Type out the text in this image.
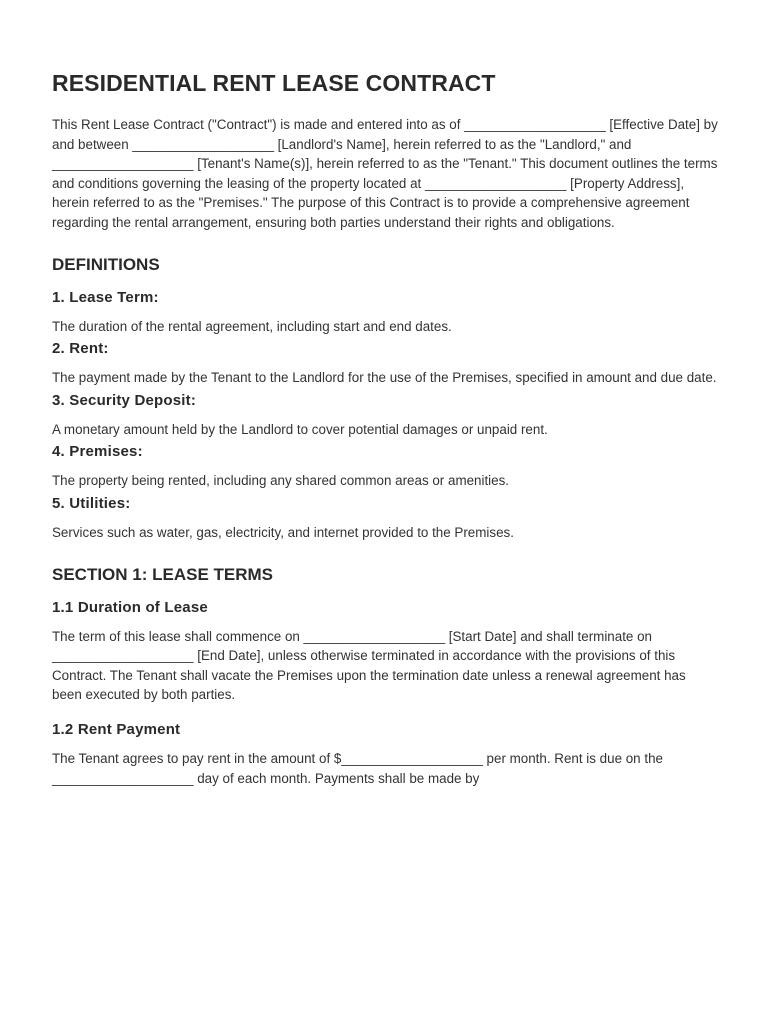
RESIDENTIAL RENT LEASE CONTRACT

This Rent Lease Contract ("Contract") is made and entered into as of ___________________ [Effective Date] by and between ___________________ [Landlord's Name], herein referred to as the "Landlord," and ___________________ [Tenant's Name(s)], herein referred to as the "Tenant." This document outlines the terms and conditions governing the leasing of the property located at ___________________ [Property Address], herein referred to as the "Premises." The purpose of this Contract is to provide a comprehensive agreement regarding the rental arrangement, ensuring both parties understand their rights and obligations.

DEFINITIONS
1. Lease Term:

The duration of the rental agreement, including start and end dates.

2. Rent:

The payment made by the Tenant to the Landlord for the use of the Premises, specified in amount and due date.

3. Security Deposit:

A monetary amount held by the Landlord to cover potential damages or unpaid rent.

4. Premises:

The property being rented, including any shared common areas or amenities.

5. Utilities:

Services such as water, gas, electricity, and internet provided to the Premises.

SECTION 1: LEASE TERMS
1.1 Duration of Lease

The term of this lease shall commence on ___________________ [Start Date] and shall terminate on ___________________ [End Date], unless otherwise terminated in accordance with the provisions of this Contract. The Tenant shall vacate the Premises upon the termination date unless a renewal agreement has been executed by both parties.

1.2 Rent Payment

The Tenant agrees to pay rent in the amount of $___________________ per month. Rent is due on the ___________________ day of each month. Payments shall be made by
